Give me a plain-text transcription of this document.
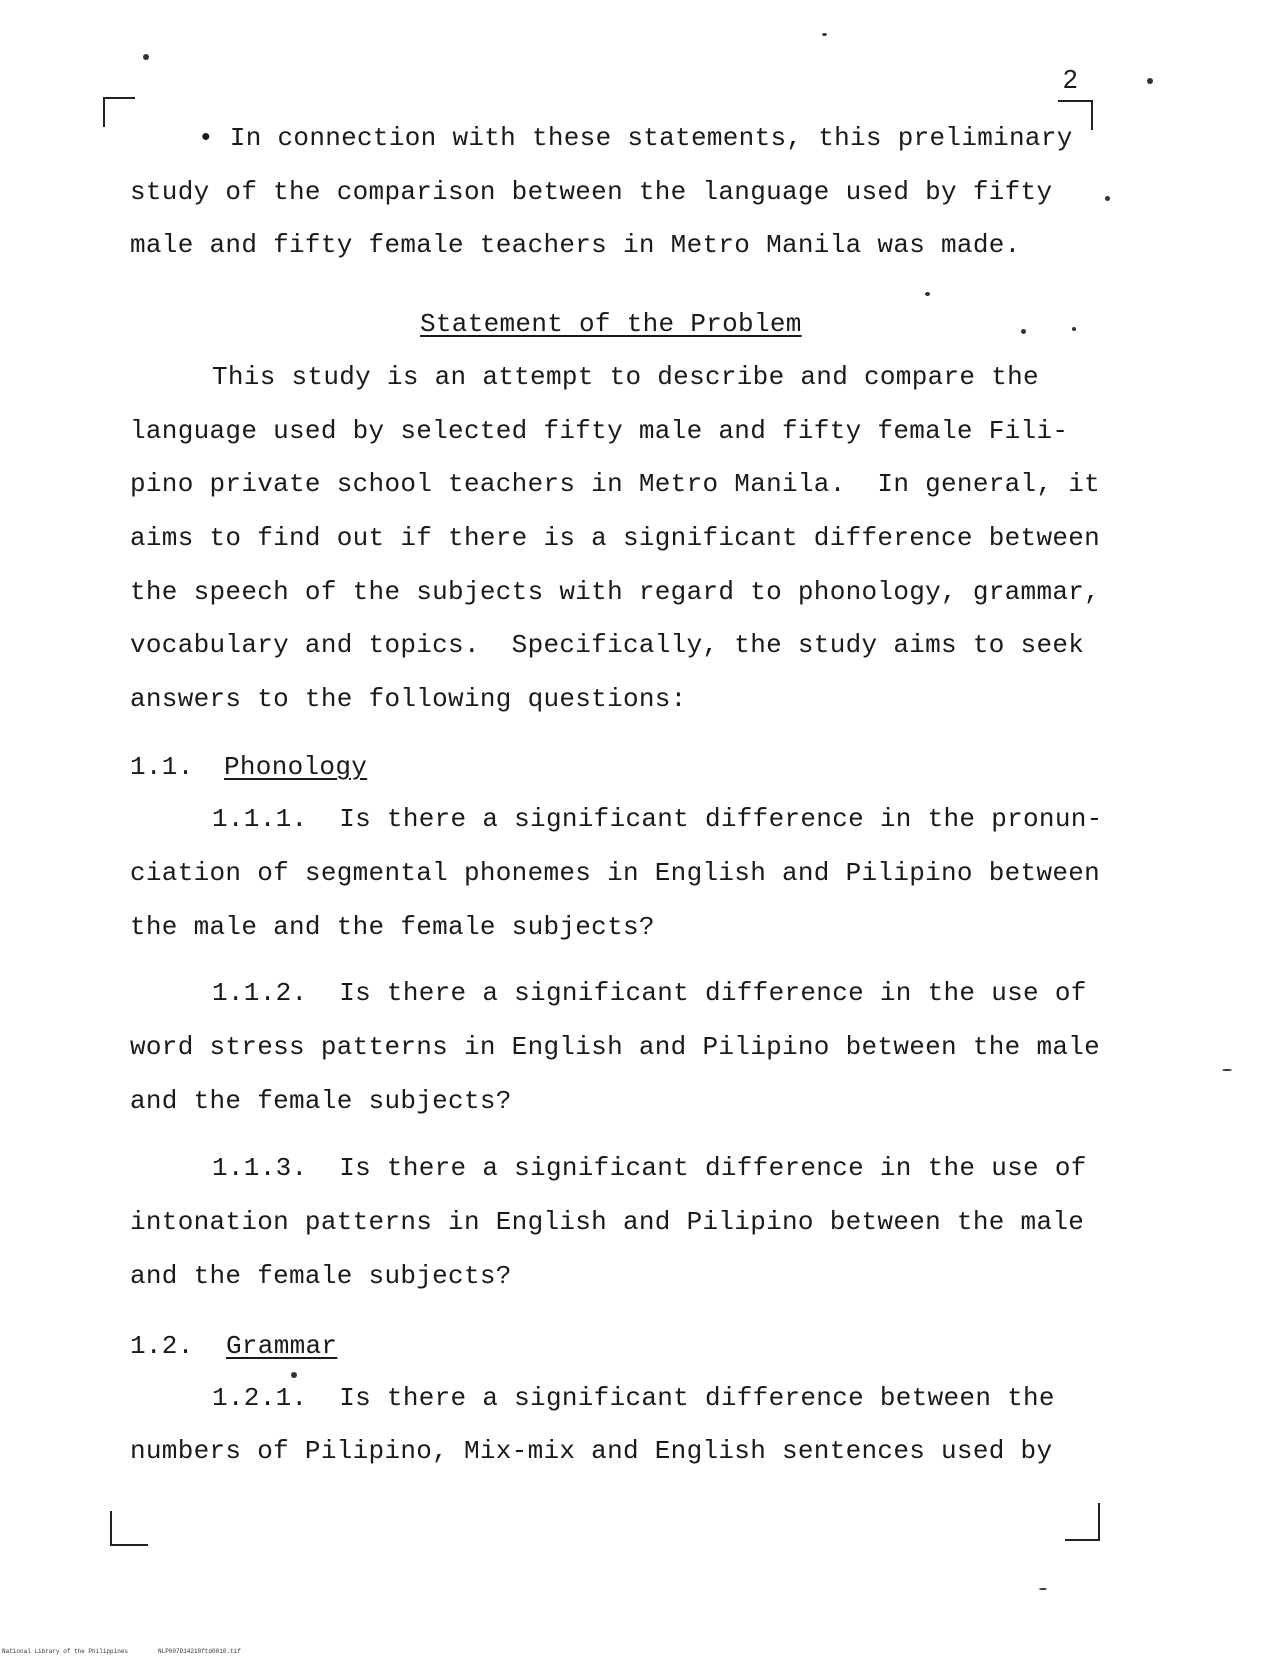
2
• In connection with these statements, this preliminary
study of the comparison between the language used by fifty
male and fifty female teachers in Metro Manila was made.
Statement of the Problem
This study is an attempt to describe and compare the
language used by selected fifty male and fifty female Fili-
pino private school teachers in Metro Manila.  In general, it
aims to find out if there is a significant difference between
the speech of the subjects with regard to phonology, grammar,
vocabulary and topics.  Specifically, the study aims to seek
answers to the following questions:
1.1. Phonology
1.1.1.  Is there a significant difference in the pronun-
ciation of segmental phonemes in English and Pilipino between
the male and the female subjects?
1.1.2.  Is there a significant difference in the use of
word stress patterns in English and Pilipino between the male
and the female subjects?
1.1.3.  Is there a significant difference in the use of
intonation patterns in English and Pilipino between the male
and the female subjects?
1.2. Grammar
1.2.1.  Is there a significant difference between the
numbers of Pilipino, Mix-mix and English sentences used by
National Library of the Philippines	NLP007D14218ftd0010.tif
